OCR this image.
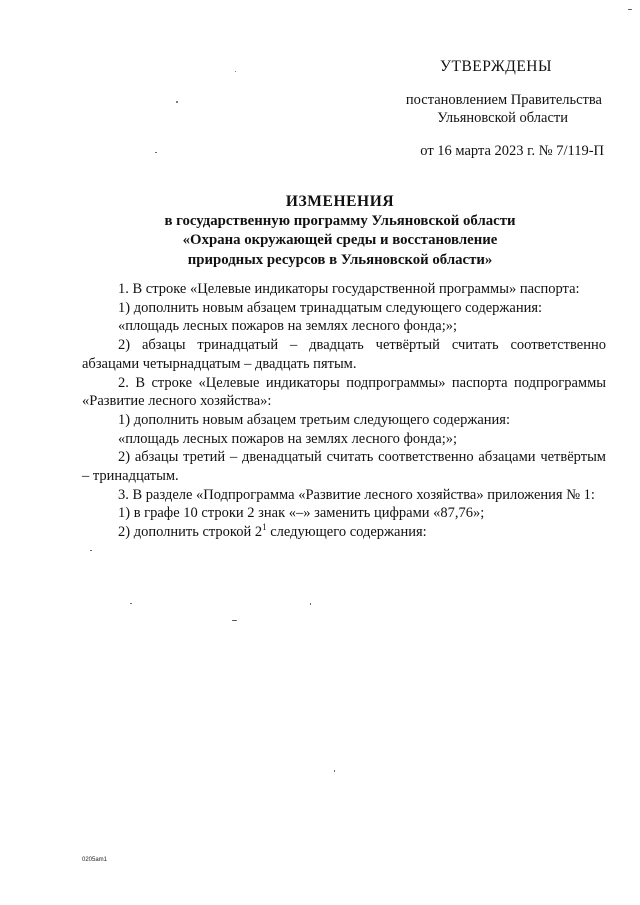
УТВЕРЖДЕНЫ
постановлением Правительства
Ульяновской области
от 16 марта 2023 г. № 7/119-П
ИЗМЕНЕНИЯ
в государственную программу Ульяновской области
«Охрана окружающей среды и восстановление
природных ресурсов в Ульяновской области»

1. В строке «Целевые индикаторы государственной программы» паспорта:

1) дополнить новым абзацем тринадцатым следующего содержания:

«площадь лесных пожаров на землях лесного фонда;»;

2) абзацы тринадцатый – двадцать четвёртый считать соответственно абзацами четырнадцатым – двадцать пятым.

2. В строке «Целевые индикаторы подпрограммы» паспорта подпрограммы «Развитие лесного хозяйства»:

1) дополнить новым абзацем третьим следующего содержания:

«площадь лесных пожаров на землях лесного фонда;»;

2) абзацы третий – двенадцатый считать соответственно абзацами четвёртым – тринадцатым.

3. В разделе «Подпрограмма «Развитие лесного хозяйства» приложения № 1:

1) в графе 10 строки 2 знак «–» заменить цифрами «87,76»;

2) дополнить строкой $2^1$ следующего содержания:

0205am1
